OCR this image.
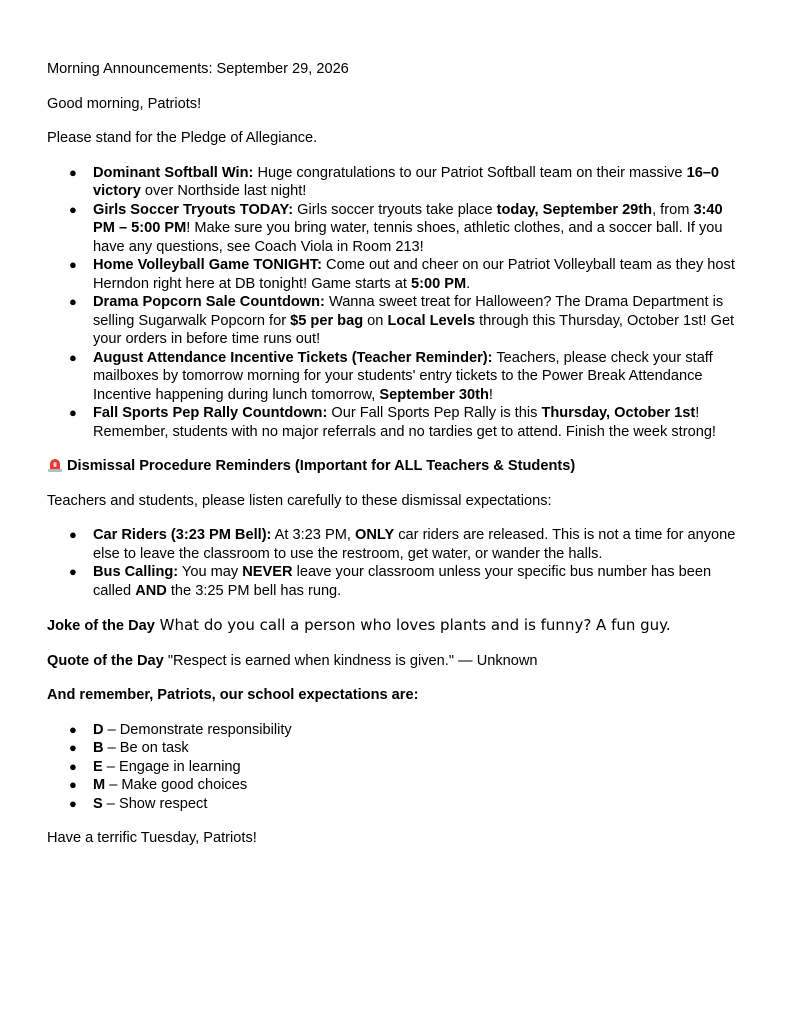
Morning Announcements: September 29, 2026

Good morning, Patriots!

Please stand for the Pledge of Allegiance.

● Dominant Softball Win: Huge congratulations to our Patriot Softball team on their massive 16–0 victory over Northside last night!
● Girls Soccer Tryouts TODAY: Girls soccer tryouts take place today, September 29th, from 3:40 PM – 5:00 PM! Make sure you bring water, tennis shoes, athletic clothes, and a soccer ball. If you have any questions, see Coach Viola in Room 213!
● Home Volleyball Game TONIGHT: Come out and cheer on our Patriot Volleyball team as they host Herndon right here at DB tonight! Game starts at 5:00 PM.
● Drama Popcorn Sale Countdown: Wanna sweet treat for Halloween? The Drama Department is selling Sugarwalk Popcorn for $5 per bag on Local Levels through this Thursday, October 1st! Get your orders in before time runs out!
● August Attendance Incentive Tickets (Teacher Reminder): Teachers, please check your staff mailboxes by tomorrow morning for your students' entry tickets to the Power Break Attendance Incentive happening during lunch tomorrow, September 30th!
● Fall Sports Pep Rally Countdown: Our Fall Sports Pep Rally is this Thursday, October 1st! Remember, students with no major referrals and no tardies get to attend. Finish the week strong!

Dismissal Procedure Reminders (Important for ALL Teachers & Students)

Teachers and students, please listen carefully to these dismissal expectations:

● Car Riders (3:23 PM Bell): At 3:23 PM, ONLY car riders are released. This is not a time for anyone else to leave the classroom to use the restroom, get water, or wander the halls.
● Bus Calling: You may NEVER leave your classroom unless your specific bus number has been called AND the 3:25 PM bell has rung.

Joke of the Day What do you call a person who loves plants and is funny? A fun guy.

Quote of the Day "Respect is earned when kindness is given." — Unknown

And remember, Patriots, our school expectations are:

● D – Demonstrate responsibility
● B – Be on task
● E – Engage in learning
● M – Make good choices
● S – Show respect

Have a terrific Tuesday, Patriots!
